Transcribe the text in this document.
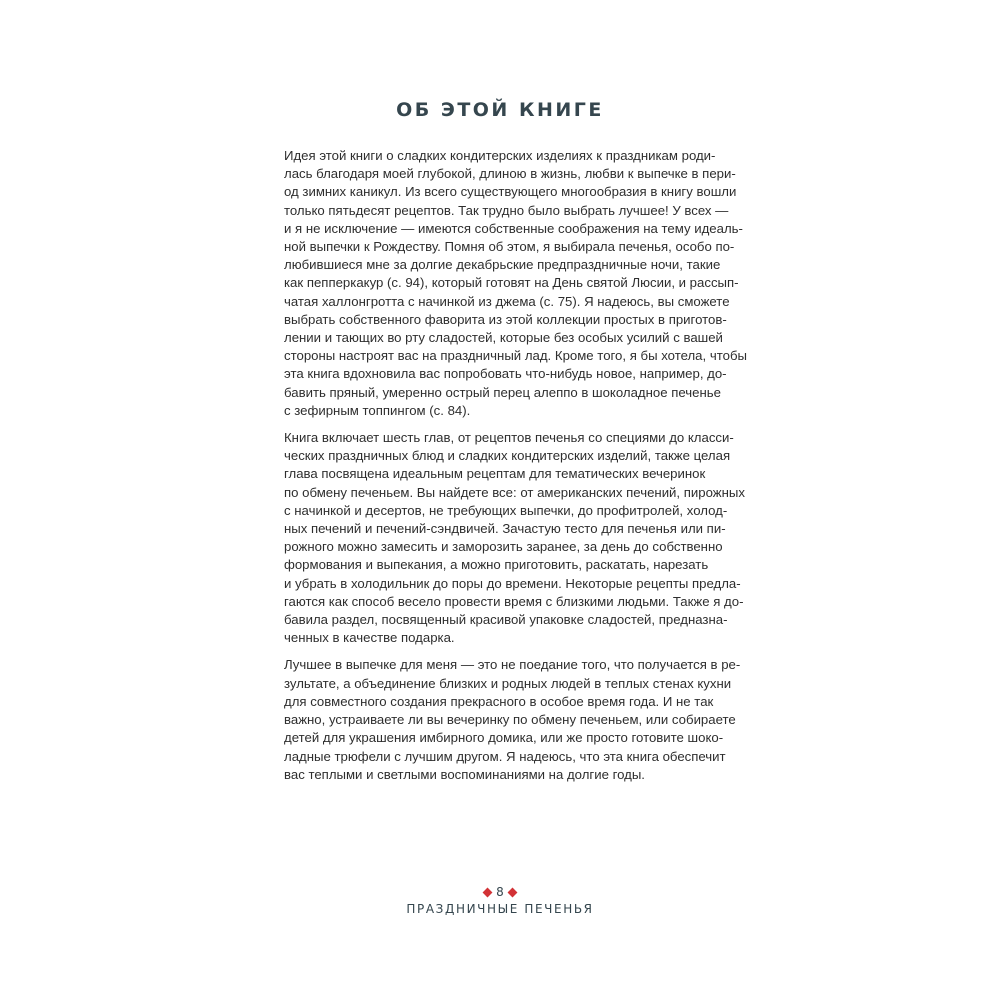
ОБ ЭТОЙ КНИГЕ

Идея этой книги о сладких кондитерских изделиях к праздникам роди-
лась благодаря моей глубокой, длиною в жизнь, любви к выпечке в пери-
од зимних каникул. Из всего существующего многообразия в книгу вошли
только пятьдесят рецептов. Так трудно было выбрать лучшее! У всех —
и я не исключение — имеются собственные соображения на тему идеаль-
ной выпечки к Рождеству. Помня об этом, я выбирала печенья, особо по-
любившиеся мне за долгие декабрьские предпраздничные ночи, такие
как пепперкакур (с. 94), который готовят на День святой Люсии, и рассып-
чатая халлонгротта с начинкой из джема (с. 75). Я надеюсь, вы сможете
выбрать собственного фаворита из этой коллекции простых в приготов-
лении и тающих во рту сладостей, которые без особых усилий с вашей
стороны настроят вас на праздничный лад. Кроме того, я бы хотела, чтобы
эта книга вдохновила вас попробовать что-нибудь новое, например, до-
бавить пряный, умеренно острый перец алеппо в шоколадное печенье
с зефирным топпингом (с. 84).

Книга включает шесть глав, от рецептов печенья со специями до класси-
ческих праздничных блюд и сладких кондитерских изделий, также целая
глава посвящена идеальным рецептам для тематических вечеринок
по обмену печеньем. Вы найдете все: от американских печений, пирожных
с начинкой и десертов, не требующих выпечки, до профитролей, холод-
ных печений и печений-сэндвичей. Зачастую тесто для печенья или пи-
рожного можно замесить и заморозить заранее, за день до собственно
формования и выпекания, а можно приготовить, раскатать, нарезать
и убрать в холодильник до поры до времени. Некоторые рецепты предла-
гаются как способ весело провести время с близкими людьми. Также я до-
бавила раздел, посвященный красивой упаковке сладостей, предназна-
ченных в качестве подарка.

Лучшее в выпечке для меня — это не поедание того, что получается в ре-
зультате, а объединение близких и родных людей в теплых стенах кухни
для совместного создания прекрасного в особое время года. И не так
важно, устраиваете ли вы вечеринку по обмену печеньем, или собираете
детей для украшения имбирного домика, или же просто готовите шоко-
ладные трюфели с лучшим другом. Я надеюсь, что эта книга обеспечит
вас теплыми и светлыми воспоминаниями на долгие годы.

8
ПРАЗДНИЧНЫЕ ПЕЧЕНЬЯ
